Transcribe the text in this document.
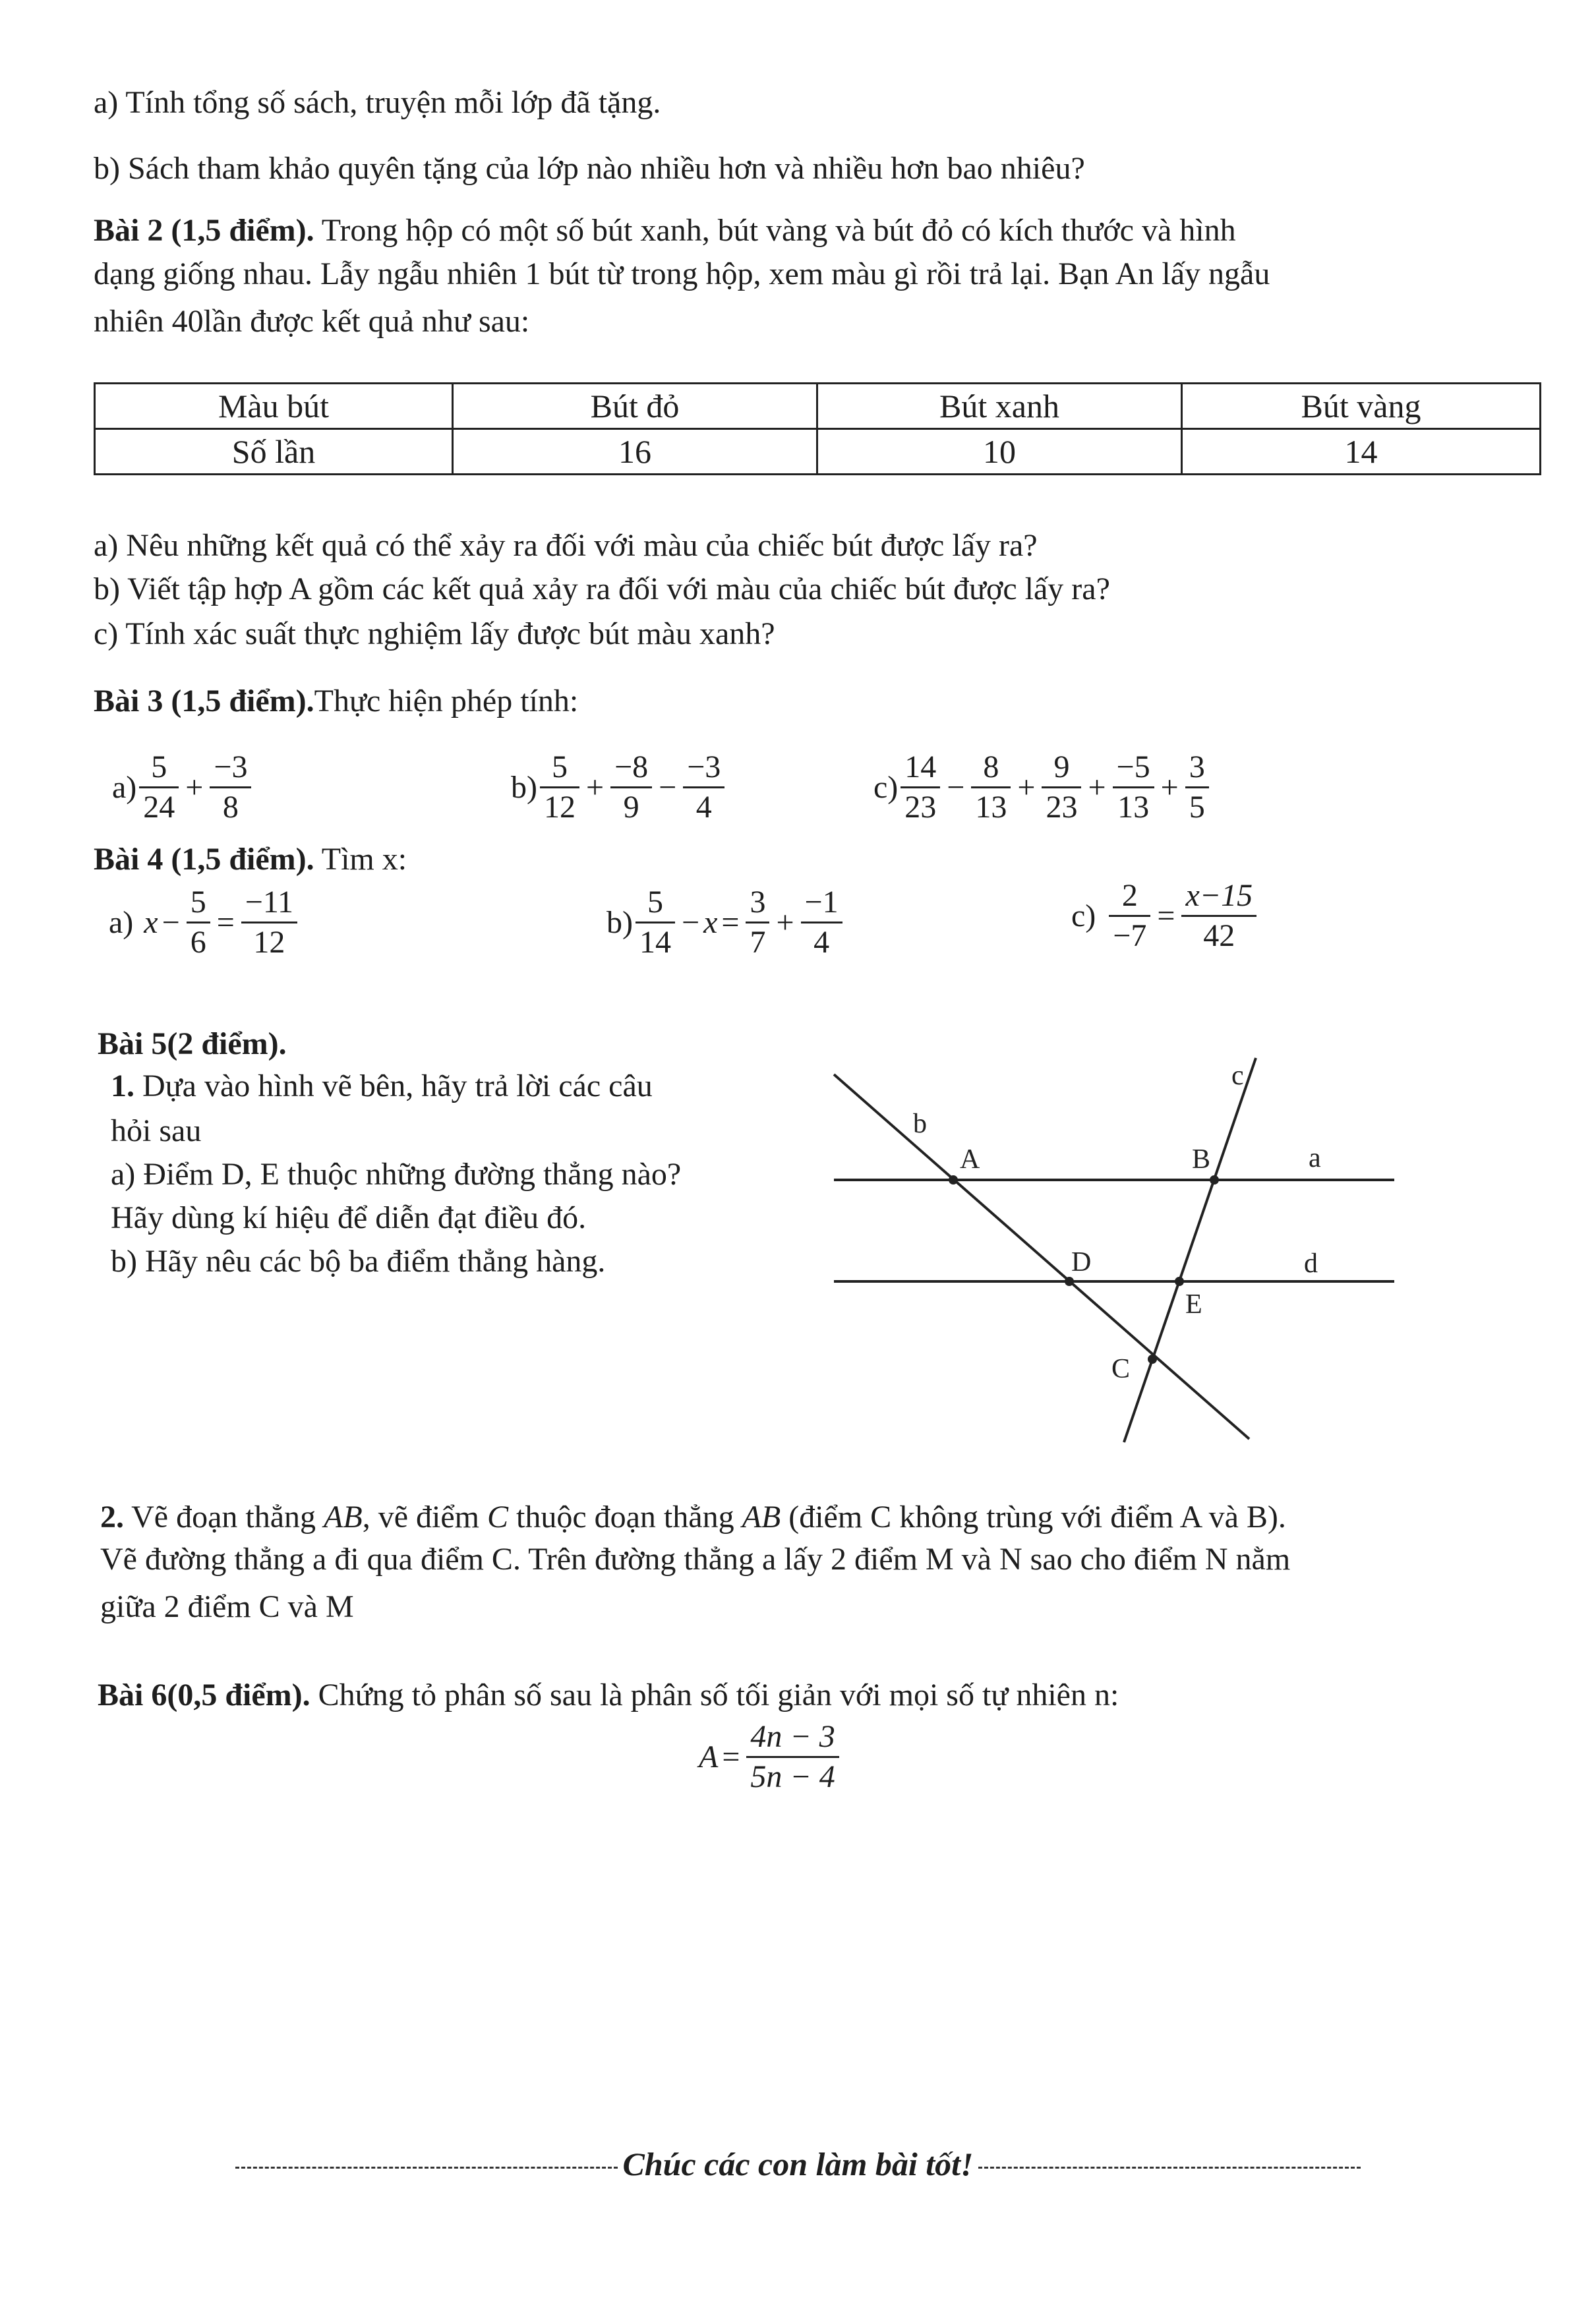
a) Tính tổng số sách, truyện mỗi lớp đã tặng.
b) Sách tham khảo quyên tặng của lớp nào nhiều hơn và nhiều hơn bao nhiêu?
Bài 2 (1,5 điểm). Trong hộp có một số bút xanh, bút vàng và bút đỏ có kích thước và hình
dạng giống nhau. Lẫy ngẫu nhiên 1 bút từ trong hộp, xem màu gì rồi trả lại. Bạn An lấy ngẫu
nhiên 40lần được kết quả như sau:
Màu bút	Bút đỏ	Bút xanh	Bút vàng
Số lần	16	10	14
a) Nêu những kết quả có thể xảy ra đối với màu của chiếc bút được lấy ra?
b) Viết tập hợp A gồm các kết quả xảy ra đối với màu của chiếc bút được lấy ra?
c) Tính xác suất thực nghiệm lấy được bút màu xanh?
Bài 3 (1,5 điểm).Thực hiện phép tính:
$a) \frac{5}{24} + \frac{-3}{8}$	$b) \frac{5}{12} + \frac{-8}{9} - \frac{-3}{4}$	$c) \frac{14}{23} - \frac{8}{13} + \frac{9}{23} + \frac{-5}{13} + \frac{3}{5}$
Bài 4 (1,5 điểm). Tìm x:
a) $x - \frac{5}{6} = \frac{-11}{12}$	$b) \frac{5}{14} - x = \frac{3}{7} + \frac{-1}{4}$	$c) \frac{2}{-7} = \frac{x-15}{42}$
Bài 5(2 điểm).
1. Dựa vào hình vẽ bên, hãy trả lời các câu
hỏi sau
a) Điểm D, E thuộc những đường thẳng nào?
Hãy dùng kí hiệu để diễn đạt điều đó.
b) Hãy nêu các bộ ba điểm thẳng hàng.
b
c
a
d
A	B
D
E
C
2. Vẽ đoạn thẳng AB, vẽ điểm C thuộc đoạn thẳng AB (điểm C không trùng với điểm A và B).
Vẽ đường thẳng a đi qua điểm C. Trên đường thẳng a lấy 2 điểm M và N sao cho điểm N nằm
giữa 2 điểm C và M
Bài 6(0,5 điểm). Chứng tỏ phân số sau là phân số tối giản với mọi số tự nhiên n:
$A = \frac{4n - 3}{5n - 4}$
Chúc các con làm bài tốt!
